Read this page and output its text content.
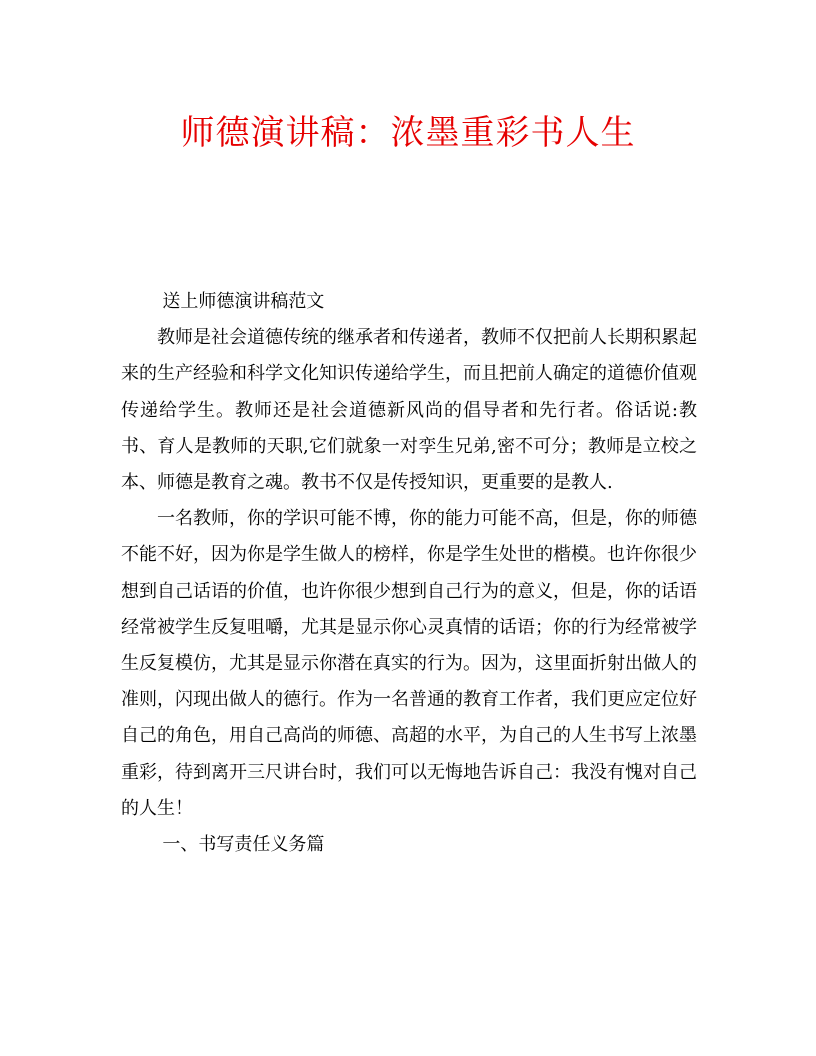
师德演讲稿：浓墨重彩书人生

送上师德演讲稿范文

教师是社会道德传统的继承者和传递者，教师不仅把前人长期积累起来的生产经验和科学文化知识传递给学生，而且把前人确定的道德价值观传递给学生。教师还是社会道德新风尚的倡导者和先行者。俗话说:教书、育人是教师的天职,它们就象一对孪生兄弟,密不可分；教师是立校之本、师德是教育之魂。教书不仅是传授知识，更重要的是教人.

一名教师，你的学识可能不博，你的能力可能不高，但是，你的师德不能不好，因为你是学生做人的榜样，你是学生处世的楷模。也许你很少想到自己话语的价值，也许你很少想到自己行为的意义，但是，你的话语经常被学生反复咀嚼，尤其是显示你心灵真情的话语；你的行为经常被学生反复模仿，尤其是显示你潜在真实的行为。因为，这里面折射出做人的准则，闪现出做人的德行。作为一名普通的教育工作者，我们更应定位好自己的角色，用自己高尚的师德、高超的水平，为自己的人生书写上浓墨重彩，待到离开三尺讲台时，我们可以无悔地告诉自己：我没有愧对自己的人生！

一、书写责任义务篇
